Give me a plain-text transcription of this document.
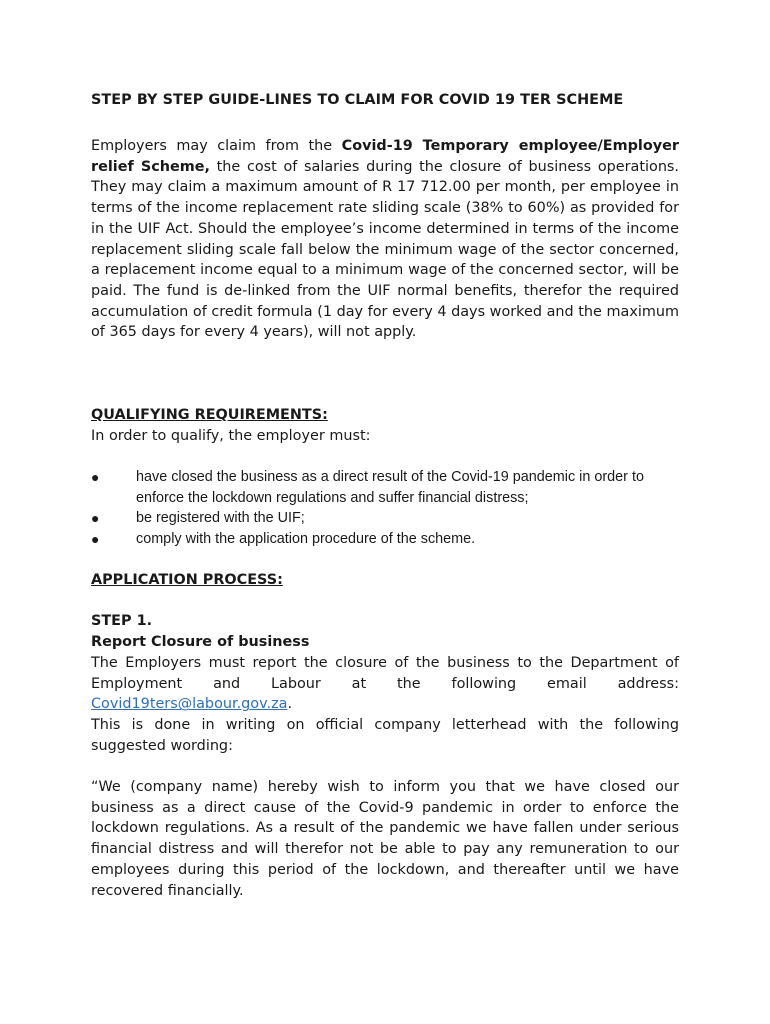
STEP BY STEP GUIDE-LINES TO CLAIM FOR COVID 19 TER SCHEME
Employers may claim from the Covid-19 Temporary employee/Employer relief Scheme, the cost of salaries during the closure of business operations. They may claim a maximum amount of R 17 712.00 per month, per employee in terms of the income replacement rate sliding scale (38% to 60%) as provided for in the UIF Act. Should the employee’s income determined in terms of the income replacement sliding scale fall below the minimum wage of the sector concerned, a replacement income equal to a minimum wage of the concerned sector, will be paid. The fund is de-linked from the UIF normal benefits, therefor the required accumulation of credit formula (1 day for every 4 days worked and the maximum of 365 days for every 4 years), will not apply.
QUALIFYING REQUIREMENTS:
In order to qualify, the employer must:
●	have closed the business as a direct result of the Covid-19 pandemic in order to enforce the lockdown regulations and suffer financial distress;
●	be registered with the UIF;
●	comply with the application procedure of the scheme.
APPLICATION PROCESS:
STEP 1.
Report Closure of business
The Employers must report the closure of the business to the Department of
Employment and Labour at the following email address:
Covid19ters@labour.gov.za.
This is done in writing on official company letterhead with the following suggested wording:
“We (company name) hereby wish to inform you that we have closed our business as a direct cause of the Covid-9 pandemic in order to enforce the lockdown regulations. As a result of the pandemic we have fallen under serious financial distress and will therefor not be able to pay any remuneration to our employees during this period of the lockdown, and thereafter until we have recovered financially.
